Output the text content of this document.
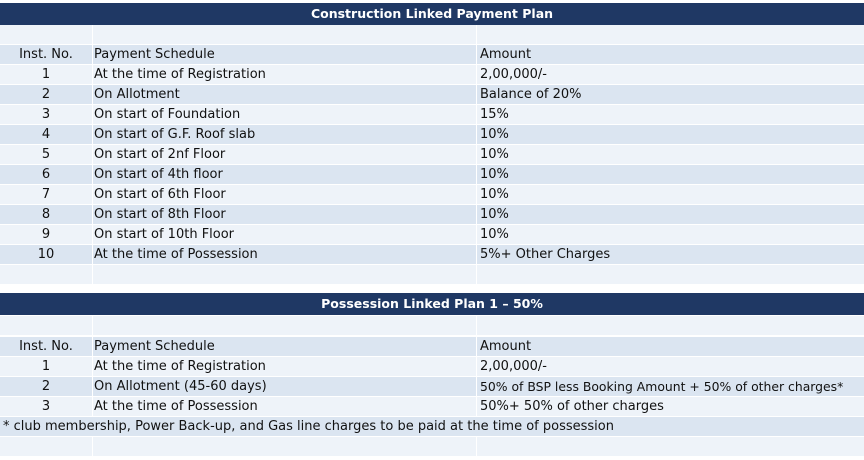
Construction Linked Payment Plan
Inst. No.	Payment Schedule	Amount
1	At the time of Registration	2,00,000/-
2	On Allotment	Balance of 20%
3	On start of Foundation	15%
4	On start of G.F. Roof slab	10%
5	On start of 2nf Floor	10%
6	On start of 4th floor	10%
7	On start of 6th Floor	10%
8	On start of 8th Floor	10%
9	On start of 10th Floor	10%
10	At the time of Possession	5%+ Other Charges
Possession Linked Plan 1 – 50%
Inst. No.	Payment Schedule	Amount
1	At the time of Registration	2,00,000/-
2	On Allotment (45-60 days)	50% of BSP less Booking Amount + 50% of other charges*
3	At the time of Possession	50%+ 50% of other charges
* club membership, Power Back-up, and Gas line charges to be paid at the time of possession
